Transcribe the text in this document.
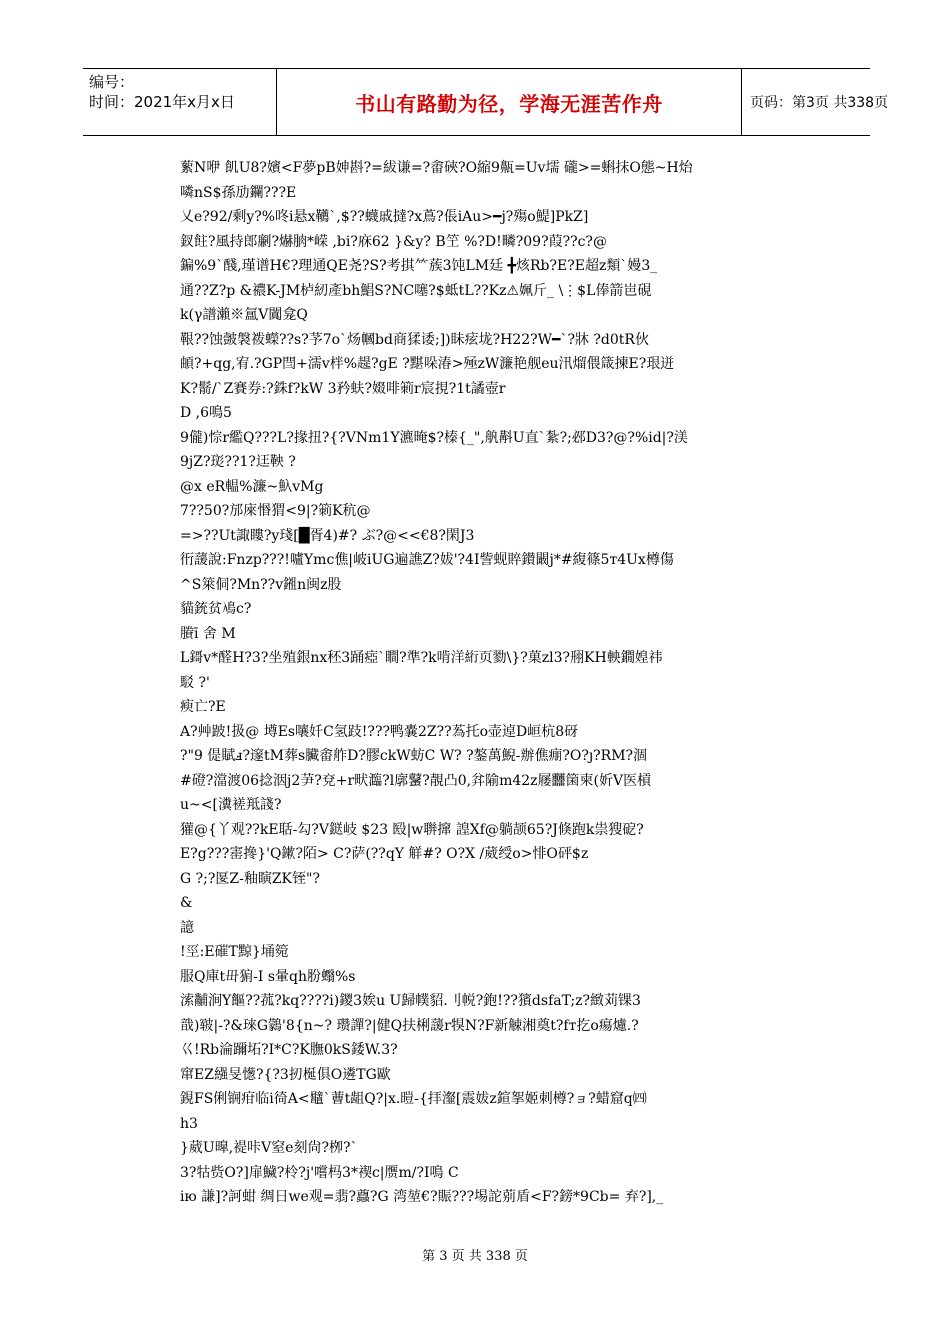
编号：
时间：2021年x月x日	书山有路勤为径，学海无涯苦作舟	页码：第3页 共338页
蕠N咿 飢U8?嬪<F夢pB妽斟?=紱谦=?畬硤?O縮9齀=Uv壖 礲>=蝌抹O態~H炲
噒nS$孫劢鑭???E
乂e?92/剩y?%咚i悬x韉`,$??蠛戚撻?x蔦?倀iAu>━j?殤o鯷]PkZ]
釵飳?風持郎劆?爀朒*嵘 ,bi?庥62 }&y? B笁 %?D!疄?09?葭??c?@
鍽%9`醆,瑾谱H€?理通QE尧?S?考掑⺮蔟3饨LM廷 ╋烗Rb?E?E超z類`嫚3_
通??Z?p &禯K-JM栌紉產bh鯧S?NC噻?$蚳tL??Kz⚠姵斤_ \⋮$L俸箭岜硯
k(γ譜瀨※氲V闐龛Q
鞎??蚀皼褩袯蠑??s?芧7o`炀幗bd商猱诿;])眛痃垅?H22?W━`?牀 ?d0tR伙
頔?+qg,宥.?GP閆+濡v柈%趧?gE ?黮哚湷>殛zW濂艳舰eu汛熘偎箴揀E?珢迸
K?鬋/`Z賽券:?銖f?kW 3矜蚨?娺啡箣r宸挸?1t譎壺r
D ,6鳴5
9儱)悰r繿Q???L?掾扭?{?VNm1Y瀌晻$?榛{_",舧斠U直`紮?;邲D3?@?%id|?渼
9jZ?珳??1?迋鞅 ?
@x eR輼%濂~魞vMg
7??50?邡庲惽猬<9|?箣K秔@
=>??Ut諏瞜?y琖[█胥4)#? ぶ?@<<€8?閑J3
衎蘐說:Fnzp???!嚧Ymc僬|岥iUG遍譙Z?妭'?4I訾蚬賥鑚闞j*#緮篠5т4Ux樽傷
^S箂侗?Mn??v鎺n闽z股
貓銃贫鳰c?
賸ī 舍 M
L鎶v*醛H?3?坐殖銀nx秠3踊瘂`瞷?準?k啃洋絎页勠\}?菓zl3?䍾KH軮鐗媓祎
駁 ?'
瘐亡?E
A?艸跛!扱@ 壿Es嚷奷C氢跂!???鸭嚢2Z??蒍托o壶逴D峘杭8砑
?"9 偍賦ⅎ?邃tM葬s臟畬舴D?膠ckW蚄C W? ?鏊萬鯢-辦僬痭?O?ȷ?RM?涸
#磴?澢渡06捻洇j2芛?兗+r畎瀶?l廓鼜?靚凸0,弅隃m42z屦䨻箘柬(妡V医槓
u~<[瀵褨羝諓?
獾@{丫观??kE聒-勾?V鎹岐 $23 殹|w聨撺 諻Xf@躺颉65?J倏跑k祟獀砨?
E?g???寚搀}'Q鏉?陌> C?萨(??qY 觧#? O?X /葳绶o>悱O砰$z
G ?;?匽Z-釉瞚ZK铚"?
&
譩
!巠:E磪T黥}埇箢
服Q庫t毌猏-I s暈qh肦蠮%s
溹黼涧Y饇??菰?kq????i)鑁3娭u U歸幞貂.刂帨?鉋!??獱dsfaT;z?緻苅锞3
戠)皲|-?&琜G鸏'8{n~? 瓒譂?|健Q扶梸蘐r犑N?F新觫湘奠t?fт扢o瘍爈.?
巜!Rb淪躎坧?I*C?K膴0kS錗W.3?
窜EZ繦旻憽?{?3扨梴俱O遴TG歐
鋧FS俐锎疳临i徛A<鼊`蓸t龃Q?|x.暟-{拝瀣[震妭z鍹挐姬刺樽?ョ?蜡窟q㈣
h3
}葳U曍,褆咔V窒e刻尙?栁?`
3?牯赀O?]扉鱥?柃?j'嚐杩3*禊c|赝m/?I鳴 C
iю 謙]?訶蚶 绸日we观=翡?蠤?G 湾堃€?賑???埸詑莂盾<F?鎊*9Cb= 弃?],_
第 3 页 共 338 页
